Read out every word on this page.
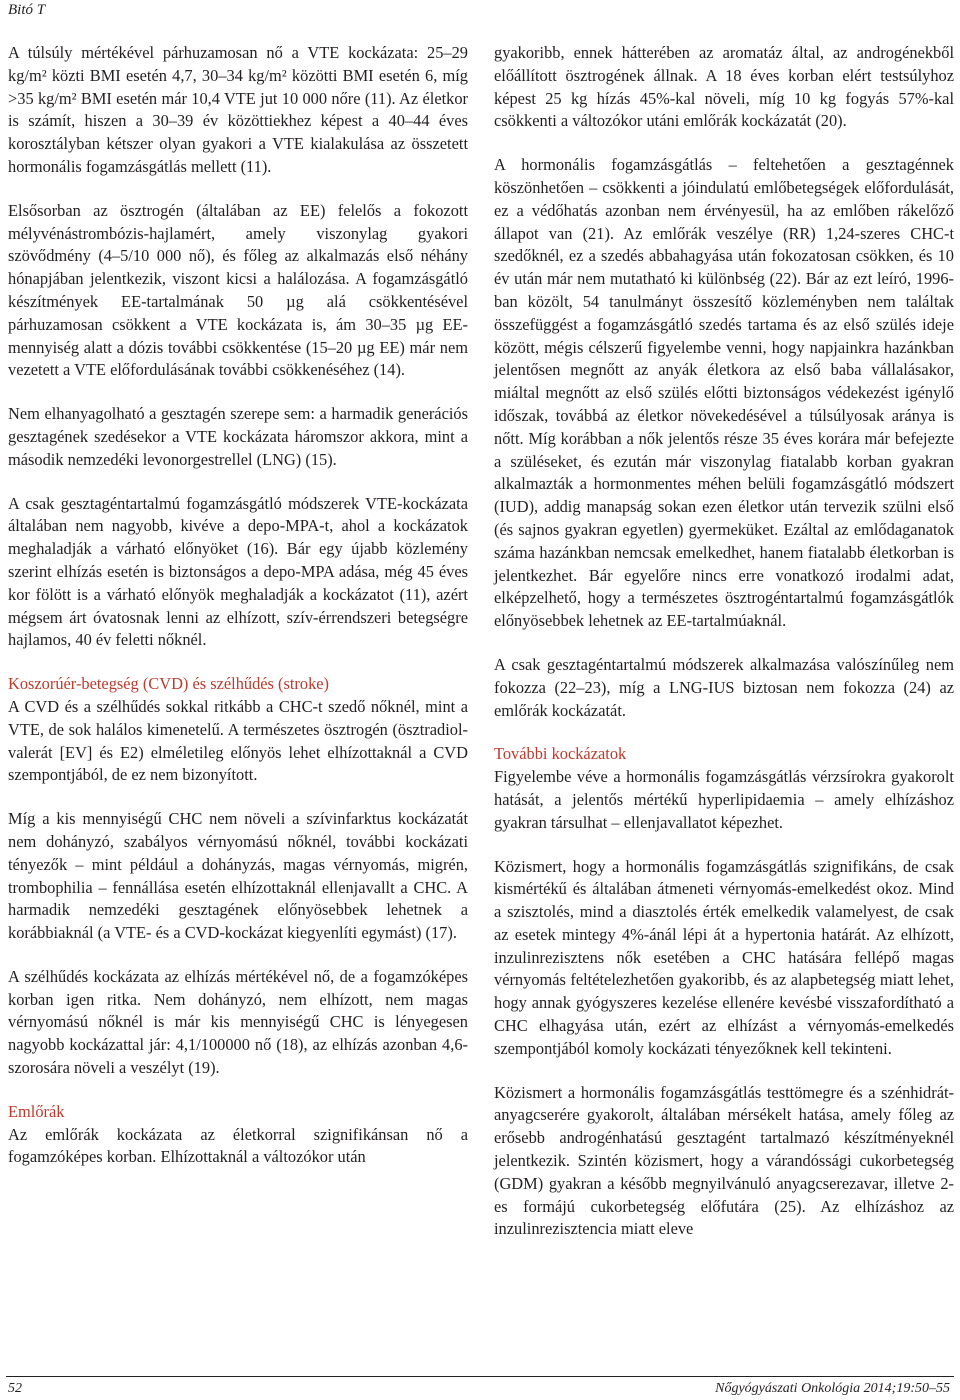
Bitó T

A túlsúly mértékével párhuzamosan nő a VTE kockázata: 25–29 kg/m² közti BMI esetén 4,7, 30–34 kg/m² közötti BMI esetén 6, míg >35 kg/m² BMI esetén már 10,4 VTE jut 10 000 nőre (11). Az életkor is számít, hiszen a 30–39 év közöttiekhez képest a 40–44 éves korosztályban kétszer olyan gyakori a VTE kialakulása az összetett hormonális fogamzásgátlás mellett (11).

Elsősorban az ösztrogén (általában az EE) felelős a fokozott mélyvénástrombózis-hajlamért, amely viszonylag gyakori szövődmény (4–5/10 000 nő), és főleg az alkalmazás első néhány hónapjában jelentkezik, viszont kicsi a halálozása. A fogamzásgátló készítmények EE-tartalmának 50 µg alá csökkentésével párhuzamosan csökkent a VTE kockázata is, ám 30–35 µg EE-mennyiség alatt a dózis további csökkentése (15–20 µg EE) már nem vezetett a VTE előfordulásának további csökkenéséhez (14).

Nem elhanyagolható a gesztagén szerepe sem: a harmadik generációs gesztagének szedésekor a VTE kockázata háromszor akkora, mint a második nemzedéki levonorgestrellel (LNG) (15).

A csak gesztagéntartalmú fogamzásgátló módszerek VTE-kockázata általában nem nagyobb, kivéve a depo-MPA-t, ahol a kockázatok meghaladják a várható előnyöket (16). Bár egy újabb közlemény szerint elhízás esetén is biztonságos a depo-MPA adása, még 45 éves kor fölött is a várható előnyök meghaladják a kockázatot (11), azért mégsem árt óvatosnak lenni az elhízott, szív-érrendszeri betegségre hajlamos, 40 év feletti nőknél.

Koszorúér-betegség (CVD) és szélhűdés (stroke)

A CVD és a szélhűdés sokkal ritkább a CHC-t szedő nőknél, mint a VTE, de sok halálos kimenetelű. A természetes ösztrogén (ösztradiol-valerát [EV] és E2) elméletileg előnyös lehet elhízottaknál a CVD szempontjából, de ez nem bizonyított.

Míg a kis mennyiségű CHC nem növeli a szívinfarktus kockázatát nem dohányzó, szabályos vérnyomású nőknél, további kockázati tényezők – mint például a dohányzás, magas vérnyomás, migrén, trombophilia – fennállása esetén elhízottaknál ellenjavallt a CHC. A harmadik nemzedéki gesztagének előnyösebbek lehetnek a korábbiaknál (a VTE- és a CVD-kockázat kiegyenlíti egymást) (17).

A szélhűdés kockázata az elhízás mértékével nő, de a fogamzóképes korban igen ritka. Nem dohányzó, nem elhízott, nem magas vérnyomású nőknél is már kis mennyiségű CHC is lényegesen nagyobb kockázattal jár: 4,1/100000 nő (18), az elhízás azonban 4,6-szorosára növeli a veszélyt (19).

Emlőrák

Az emlőrák kockázata az életkorral szignifikánsan nő a fogamzóképes korban. Elhízottaknál a változókor után

gyakoribb, ennek hátterében az aromatáz által, az androgénekből előállított ösztrogének állnak. A 18 éves korban elért testsúlyhoz képest 25 kg hízás 45%-kal növeli, míg 10 kg fogyás 57%-kal csökkenti a változókor utáni emlőrák kockázatát (20).

A hormonális fogamzásgátlás – feltehetően a gesztagénnek köszönhetően – csökkenti a jóindulatú emlőbetegségek előfordulását, ez a védőhatás azonban nem érvényesül, ha az emlőben rákelőző állapot van (21). Az emlőrák veszélye (RR) 1,24-szeres CHC-t szedőknél, ez a szedés abbahagyása után fokozatosan csökken, és 10 év után már nem mutatható ki különbség (22). Bár az ezt leíró, 1996-ban közölt, 54 tanulmányt összesítő közleményben nem találtak összefüggést a fogamzásgátló szedés tartama és az első szülés ideje között, mégis célszerű figyelembe venni, hogy napjainkra hazánkban jelentősen megnőtt az anyák életkora az első baba vállalásakor, miáltal megnőtt az első szülés előtti biztonságos védekezést igénylő időszak, továbbá az életkor növekedésével a túlsúlyosak aránya is nőtt. Míg korábban a nők jelentős része 35 éves korára már befejezte a szüléseket, és ezután már viszonylag fiatalabb korban gyakran alkalmazták a hormonmentes méhen belüli fogamzásgátló módszert (IUD), addig manapság sokan ezen életkor után tervezik szülni első (és sajnos gyakran egyetlen) gyermeküket. Ezáltal az emlődaganatok száma hazánkban nemcsak emelkedhet, hanem fiatalabb életkorban is jelentkezhet. Bár egyelőre nincs erre vonatkozó irodalmi adat, elképzelhető, hogy a természetes ösztrogéntartalmú fogamzásgátlók előnyösebbek lehetnek az EE-tartalmúaknál.

A csak gesztagéntartalmú módszerek alkalmazása valószínűleg nem fokozza (22–23), míg a LNG-IUS biztosan nem fokozza (24) az emlőrák kockázatát.

További kockázatok

Figyelembe véve a hormonális fogamzásgátlás vérzsírokra gyakorolt hatását, a jelentős mértékű hyperlipidaemia – amely elhízáshoz gyakran társulhat – ellenjavallatot képezhet.

Közismert, hogy a hormonális fogamzásgátlás szignifikáns, de csak kismértékű és általában átmeneti vérnyomás-emelkedést okoz. Mind a szisztolés, mind a diasztolés érték emelkedik valamelyest, de csak az esetek mintegy 4%-ánál lépi át a hypertonia határát. Az elhízott, inzulinrezisztens nők esetében a CHC hatására fellépő magas vérnyomás feltételezhetően gyakoribb, és az alapbetegség miatt lehet, hogy annak gyógyszeres kezelése ellenére kevésbé visszafordítható a CHC elhagyása után, ezért az elhízást a vérnyomás-emelkedés szempontjából komoly kockázati tényezőknek kell tekinteni.

Közismert a hormonális fogamzásgátlás testtömegre és a szénhidrát-anyagcserére gyakorolt, általában mérsékelt hatása, amely főleg az erősebb androgénhatású gesztagént tartalmazó készítményeknél jelentkezik. Szintén közismert, hogy a várandóssági cukorbetegség (GDM) gyakran a később megnyilvánuló anyagcserezavar, illetve 2-es formájú cukorbetegség előfutára (25). Az elhízáshoz az inzulinrezisztencia miatt eleve

52	Nőgyógyászati Onkológia 2014;19:50–55
